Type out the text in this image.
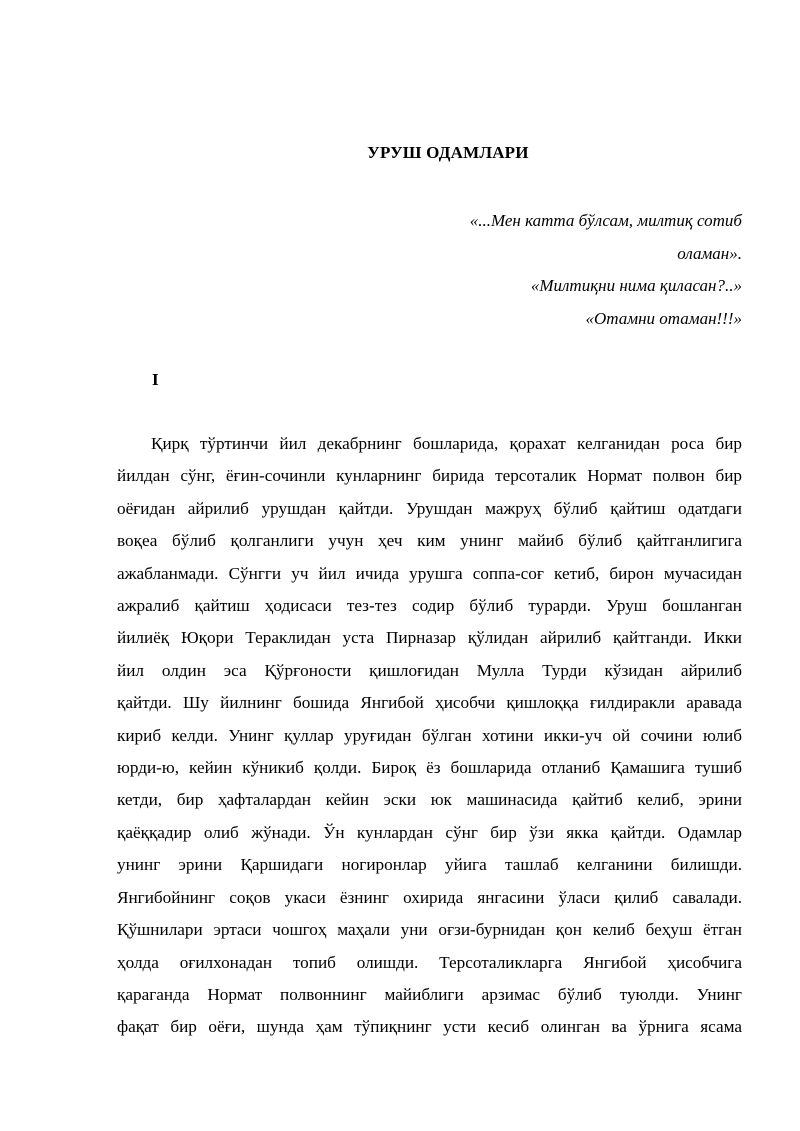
УРУШ ОДАМЛАРИ
«...Мен катта бўлсам, милтиқ сотиб
оламан».
«Милтиқни нима қиласан?..»
«Отамни отаман!!!»
I
Қирқ тўртинчи йил декабрнинг бошларида, қорахат келганидан роса бир
йилдан сўнг, ёғин-сочинли кунларнинг бирида терсоталик Нормат полвон бир
оёғидан айрилиб урушдан қайтди. Урушдан мажруҳ бўлиб қайтиш одатдаги
воқеа бўлиб қолганлиги учун ҳеч ким унинг майиб бўлиб қайтганлигига
ажабланмади. Сўнгги уч йил ичида урушга соппа-соғ кетиб, бирон мучасидан
ажралиб қайтиш ҳодисаси тез-тез содир бўлиб турарди. Уруш бошланган
йилиёқ Юқори Тераклидан уста Пирназар қўлидан айрилиб қайтганди. Икки
йил олдин эса Қўрғоности қишлоғидан Мулла Турди кўзидан айрилиб
қайтди. Шу йилнинг бошида Янгибой ҳисобчи қишлоққа ғилдиракли аравада
кириб келди. Унинг қуллар уруғидан бўлган хотини икки-уч ой сочини юлиб
юрди-ю, кейин кўникиб қолди. Бироқ ёз бошларида отланиб Қамашига тушиб
кетди, бир ҳафталардан кейин эски юк машинасида қайтиб келиб, эрини
қаёққадир олиб жўнади. Ўн кунлардан сўнг бир ўзи якка қайтди. Одамлар
унинг эрини Қаршидаги ногиронлар уйига ташлаб келганини билишди.
Янгибойнинг соқов укаси ёзнинг охирида янгасини ўласи қилиб савалади.
Қўшнилари эртаси чошгоҳ маҳали уни оғзи-бурнидан қон келиб беҳуш ётган
ҳолда оғилхонадан топиб олишди. Терсоталикларга Янгибой ҳисобчига
қараганда Нормат полвоннинг майиблиги арзимас бўлиб туюлди. Унинг
фақат бир оёғи, шунда ҳам тўпиқнинг усти кесиб олинган ва ўрнига ясама
